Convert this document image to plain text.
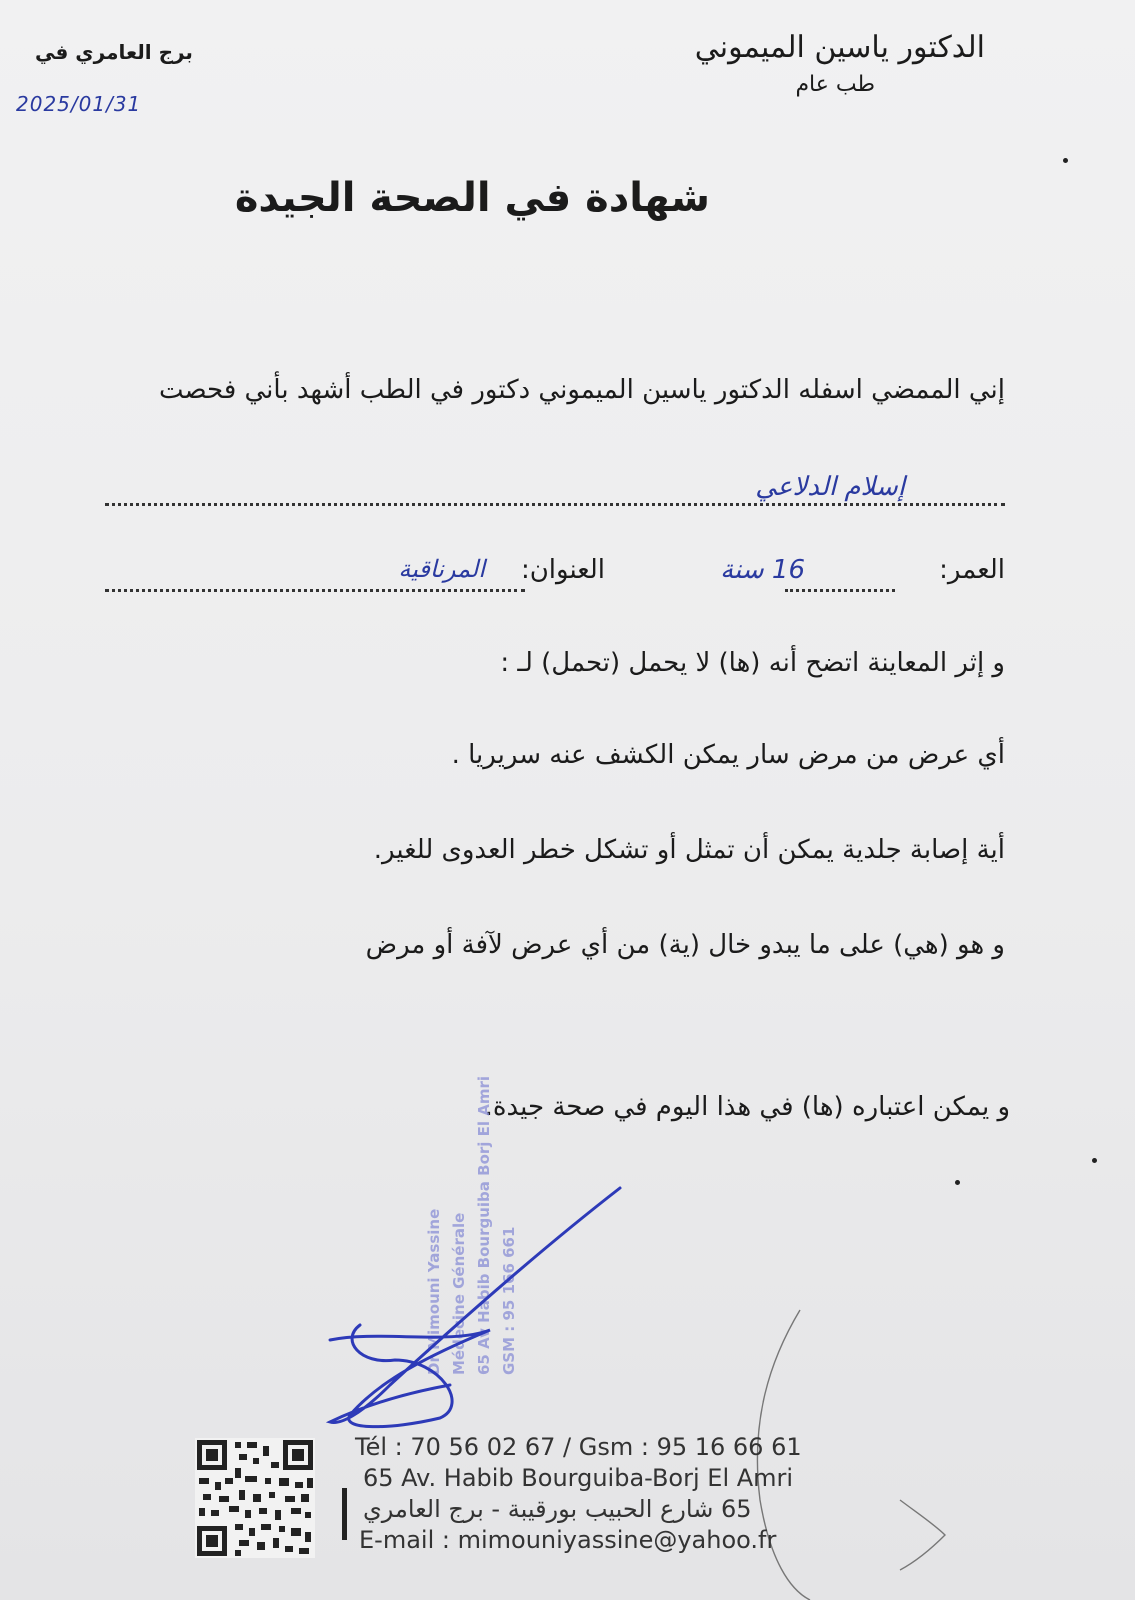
الدكتور ياسين الميموني
طب عام
برج العامري في
2025/01/31
شهادة في الصحة الجيدة
إني الممضي اسفله الدكتور ياسين الميموني دكتور في الطب أشهد بأني فحصت
إسلام الدلاعي
العمر:
16 سنة
العنوان:
المرناقية
و إثر المعاينة اتضح أنه (ها) لا يحمل (تحمل) لـ :
أي عرض من مرض سار يمكن الكشف عنه سريريا .
أية إصابة جلدية يمكن أن تمثل أو تشكل خطر العدوى للغير.
و هو (هي) على ما يبدو خال (ية) من أي عرض لآفة أو مرض
و يمكن اعتباره (ها) في هذا اليوم في صحة جيدة.
Dr Mimouni Yassine Médecine Générale 65 Av Habib Bourguiba Borj El Amri GSM : 95 166 661
Tél : 70 56 02 67 / Gsm : 95 16 66 61
65 Av. Habib Bourguiba-Borj El Amri
65 شارع الحبيب بورقيبة - برج العامري
E-mail : mimouniyassine@yahoo.fr
